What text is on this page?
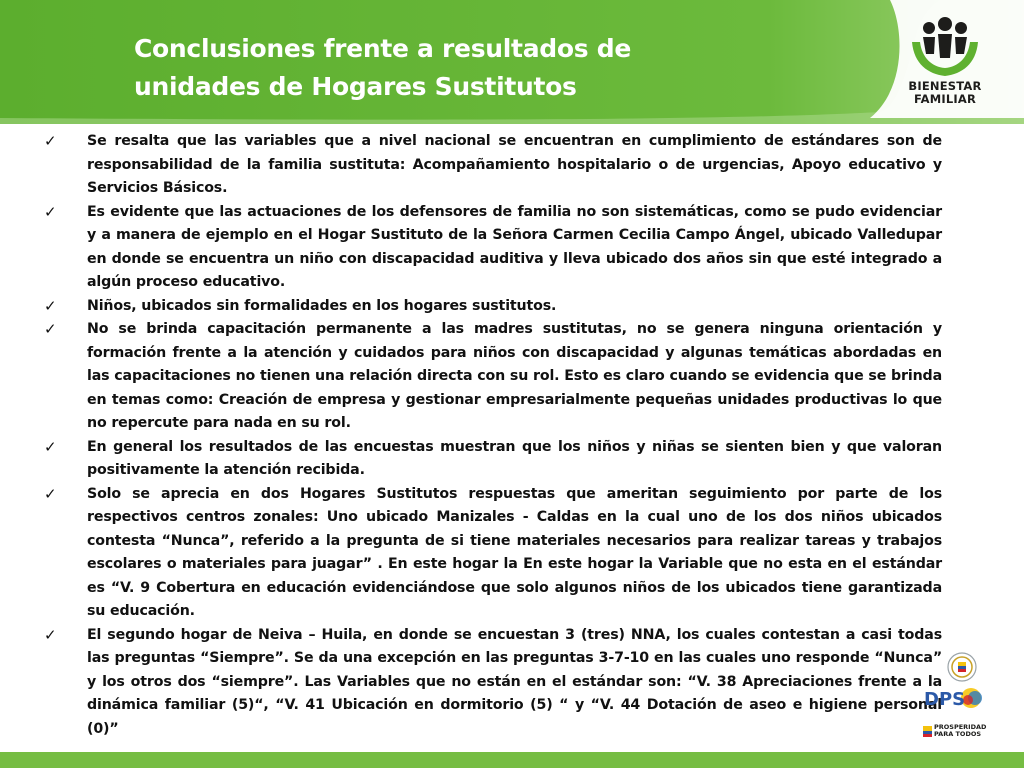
Conclusiones frente a resultados de
unidades de Hogares Sustitutos	BIENESTAR
FAMILIAR
✓ Se resalta que las variables que a nivel nacional se encuentran en cumplimiento de estándares son de responsabilidad de la familia sustituta: Acompañamiento hospitalario o de urgencias, Apoyo educativo y Servicios Básicos.
✓ Es evidente que las actuaciones de los defensores de familia no son sistemáticas, como se pudo evidenciar y a manera de ejemplo en el Hogar Sustituto de la Señora Carmen Cecilia Campo Ángel, ubicado Valledupar en donde se encuentra un niño con discapacidad auditiva y lleva ubicado dos años sin que esté integrado a algún proceso educativo.
✓ Niños, ubicados sin formalidades en los hogares sustitutos.
✓ No se brinda capacitación permanente a las madres sustitutas, no se genera ninguna orientación y formación frente a la atención y cuidados para niños con discapacidad y algunas temáticas abordadas en las capacitaciones no tienen una relación directa con su rol. Esto es claro cuando se evidencia que se brinda en temas como: Creación de empresa y gestionar empresarialmente pequeñas unidades productivas lo que no repercute para nada en su rol.
✓ En general los resultados de las encuestas muestran que los niños y niñas se sienten bien y que valoran positivamente la atención recibida.
✓ Solo se aprecia en dos Hogares Sustitutos respuestas que ameritan seguimiento por parte de los respectivos centros zonales: Uno ubicado Manizales - Caldas en la cual uno de los dos niños ubicados contesta “Nunca”, referido a la pregunta de si tiene materiales necesarios para realizar tareas y trabajos escolares o materiales para juagar” . En este hogar la En este hogar la Variable que no esta en el estándar es “V. 9 Cobertura en educación evidenciándose que solo algunos niños de los ubicados tiene garantizada su educación.
✓ El segundo hogar de Neiva – Huila, en donde se encuestan 3 (tres) NNA, los cuales contestan a casi todas las preguntas “Siempre”. Se da una excepción en las preguntas 3-7-10 en las cuales uno responde “Nunca” y los otros dos “siempre”. Las Variables que no están en el estándar son: “V. 38 Apreciaciones frente a la dinámica familiar (5)“, “V. 41 Ubicación en dormitorio (5) “ y “V. 44 Dotación de aseo e higiene personal (0)”
DPS
PROSPERIDAD
PARA TODOS
